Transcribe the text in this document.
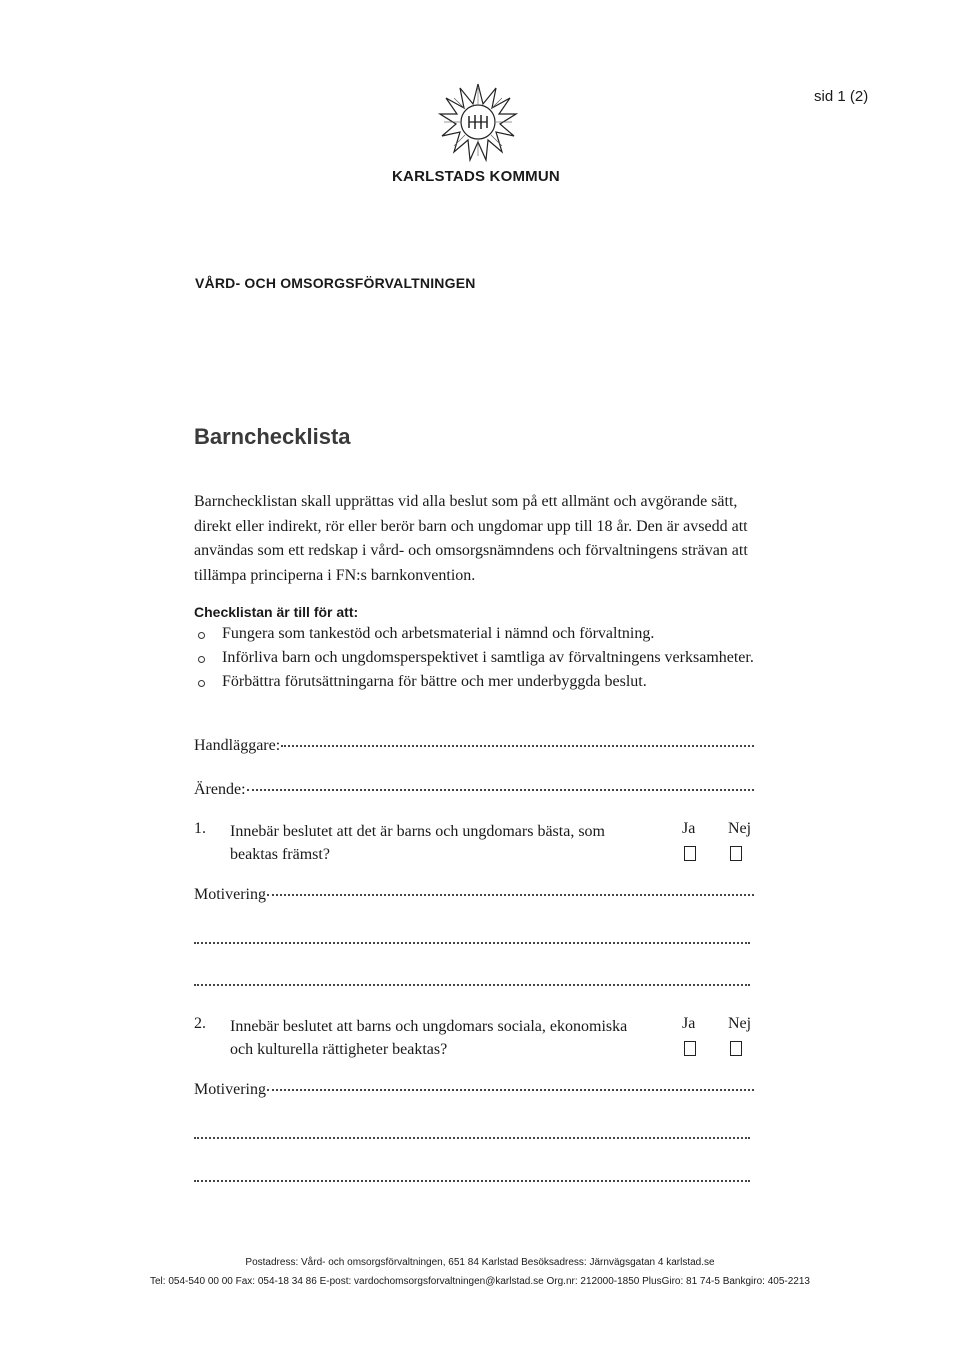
sid 1 (2)
KARLSTADS KOMMUN
VÅRD- OCH OMSORGSFÖRVALTNINGEN
Barnchecklista
Barnchecklistan skall upprättas vid alla beslut som på ett allmänt och avgörande sätt, direkt eller indirekt, rör eller berör barn och ungdomar upp till 18 år. Den är avsedd att användas som ett redskap i vård- och omsorgsnämndens och förvaltningens strävan att tillämpa principerna i FN:s barnkonvention.
Checklistan är till för att:
Fungera som tankestöd och arbetsmaterial i nämnd och förvaltning.
Införliva barn och ungdomsperspektivet i samtliga av förvaltningens verksamheter.
Förbättra förutsättningarna för bättre och mer underbyggda beslut.
Handläggare:
Ärende:
1. Innebär beslutet att det är barns och ungdomars bästa, som beaktas främst?
Ja Nej
Motivering
2. Innebär beslutet att barns och ungdomars sociala, ekonomiska och kulturella rättigheter beaktas?
Ja Nej
Motivering
Postadress: Vård- och omsorgsförvaltningen, 651 84 Karlstad Besöksadress: Järnvägsgatan 4 karlstad.se
Tel: 054-540 00 00 Fax: 054-18 34 86 E-post: vardochomsorgsforvaltningen@karlstad.se Org.nr: 212000-1850 PlusGiro: 81 74-5 Bankgiro: 405-2213
